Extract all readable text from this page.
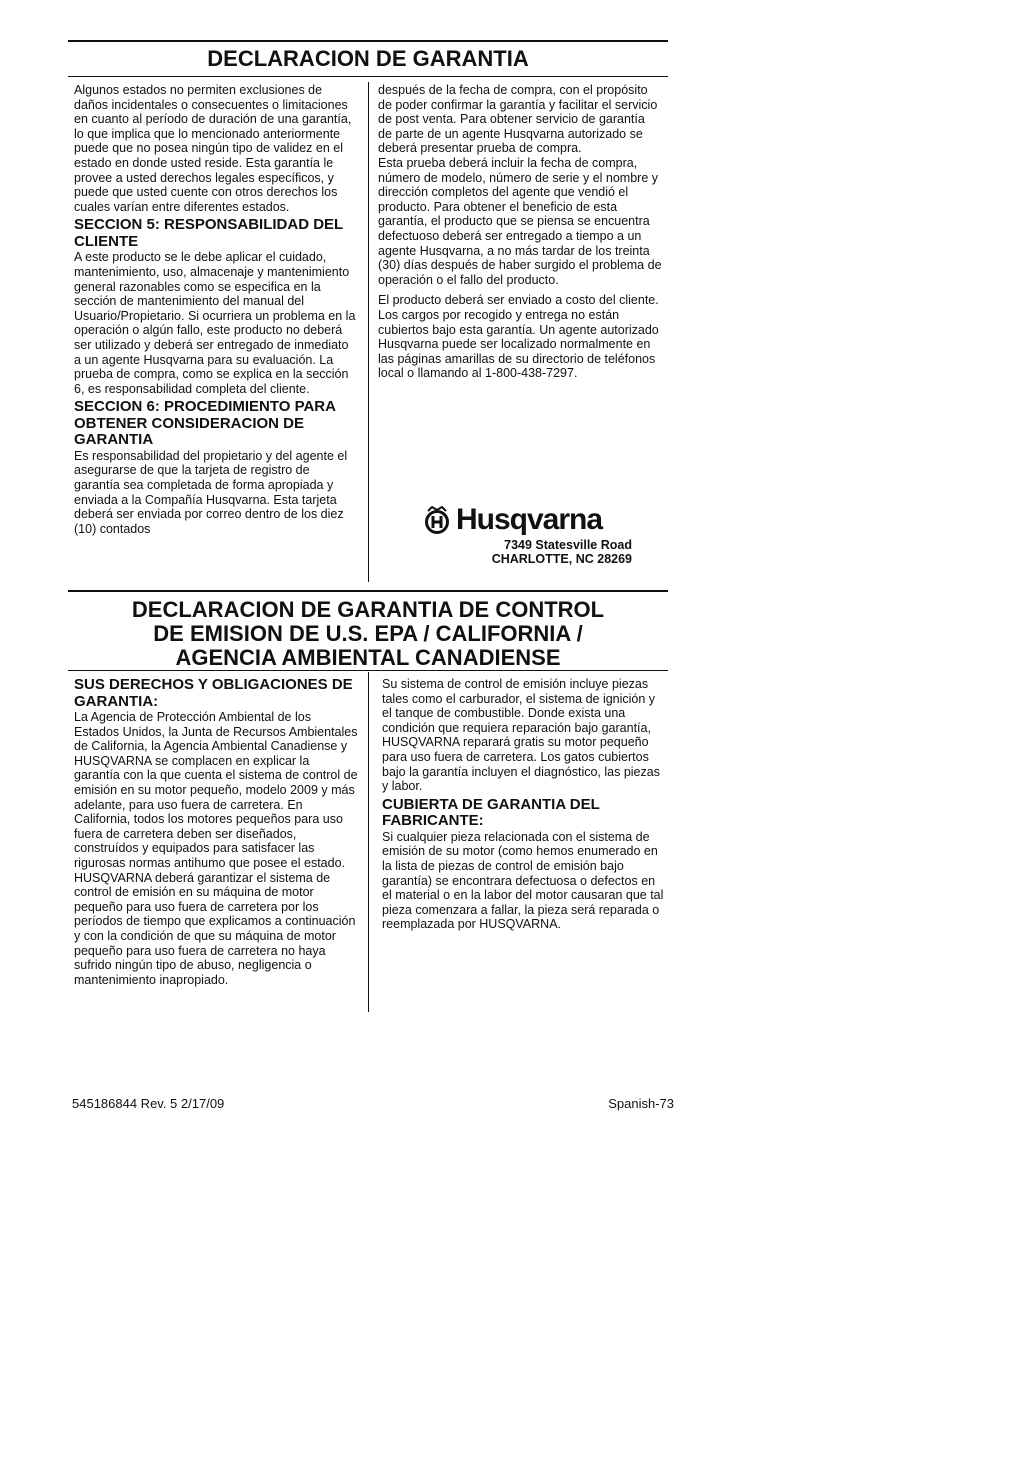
DECLARACION DE GARANTIA

Algunos estados no permiten exclusiones de daños incidentales o consecuentes o limitaciones en cuanto al período de duración de una garantía, lo que implica que lo mencionado anteriormente puede que no posea ningún tipo de validez en el estado en donde usted reside. Esta garantía le provee a usted derechos legales específicos, y puede que usted cuente con otros derechos los cuales varían entre diferentes estados.

SECCION 5: RESPONSABILIDAD DEL CLIENTE

A este producto se le debe aplicar el cuidado, mantenimiento, uso, almacenaje y mantenimiento general razonables como se especifica en la sección de mantenimiento del manual del Usuario/Propietario. Si ocurriera un problema en la operación o algún fallo, este producto no deberá ser utilizado y deberá ser entregado de inmediato a un agente Husqvarna para su evaluación. La prueba de compra, como se explica en la sección 6, es responsabilidad completa del cliente.

SECCION 6: PROCEDIMIENTO PARA OBTENER CONSIDERACION DE GARANTIA

Es responsabilidad del propietario y del agente el asegurarse de que la tarjeta de registro de garantía sea completada de forma apropiada y enviada a la Compañía Husqvarna. Esta tarjeta deberá ser enviada por correo dentro de los diez (10) contados

después de la fecha de compra, con el propósito de poder confirmar la garantía y facilitar el servicio de post venta. Para obtener servicio de garantía de parte de un agente Husqvarna autorizado se deberá presentar prueba de compra.

Esta prueba deberá incluir la fecha de compra, número de modelo, número de serie y el nombre y dirección completos del agente que vendió el producto. Para obtener el beneficio de esta garantía, el producto que se piensa se encuentra defectuoso deberá ser entregado a tiempo a un agente Husqvarna, a no más tardar de los treinta (30) días después de haber surgido el problema de operación o el fallo del producto.

El producto deberá ser enviado a costo del cliente. Los cargos por recogido y entrega no están cubiertos bajo esta garantía. Un agente autorizado Husqvarna puede ser localizado normalmente en las páginas amarillas de su directorio de teléfonos local o llamando al 1-800-438-7297.

Husqvarna
7349 Statesville Road
CHARLOTTE, NC 28269
DECLARACION DE GARANTIA DE CONTROL
DE EMISION DE U.S. EPA / CALIFORNIA /
AGENCIA AMBIENTAL CANADIENSE
SUS DERECHOS Y OBLIGACIONES DE GARANTIA:

La Agencia de Protección Ambiental de los Estados Unidos, la Junta de Recursos Ambientales de California, la Agencia Ambiental Canadiense y HUSQVARNA se complacen en explicar la garantía con la que cuenta el sistema de control de emisión en su motor pequeño, modelo 2009 y más adelante, para uso fuera de carretera. En California, todos los motores pequeños para uso fuera de carretera deben ser diseñados, construídos y equipados para satisfacer las rigurosas normas antihumo que posee el estado. HUSQVARNA deberá garantizar el sistema de control de emisión en su máquina de motor pequeño para uso fuera de carretera por los períodos de tiempo que explicamos a continuación y con la condición de que su máquina de motor pequeño para uso fuera de carretera no haya sufrido ningún tipo de abuso, negligencia o mantenimiento inapropiado.

Su sistema de control de emisión incluye piezas tales como el carburador, el sistema de ignición y el tanque de combustible. Donde exista una condición que requiera reparación bajo garantía, HUSQVARNA reparará gratis su motor pequeño para uso fuera de carretera. Los gatos cubiertos bajo la garantía incluyen el diagnóstico, las piezas y labor.

CUBIERTA DE GARANTIA DEL FABRICANTE:

Si cualquier pieza relacionada con el sistema de emisión de su motor (como hemos enumerado en la lista de piezas de control de emisión bajo garantía) se encontrara defectuosa o defectos en el material o en la labor del motor causaran que tal pieza comenzara a fallar, la pieza será reparada o reemplazada por HUSQVARNA.

545186844 Rev. 5 2/17/09	Spanish-73
